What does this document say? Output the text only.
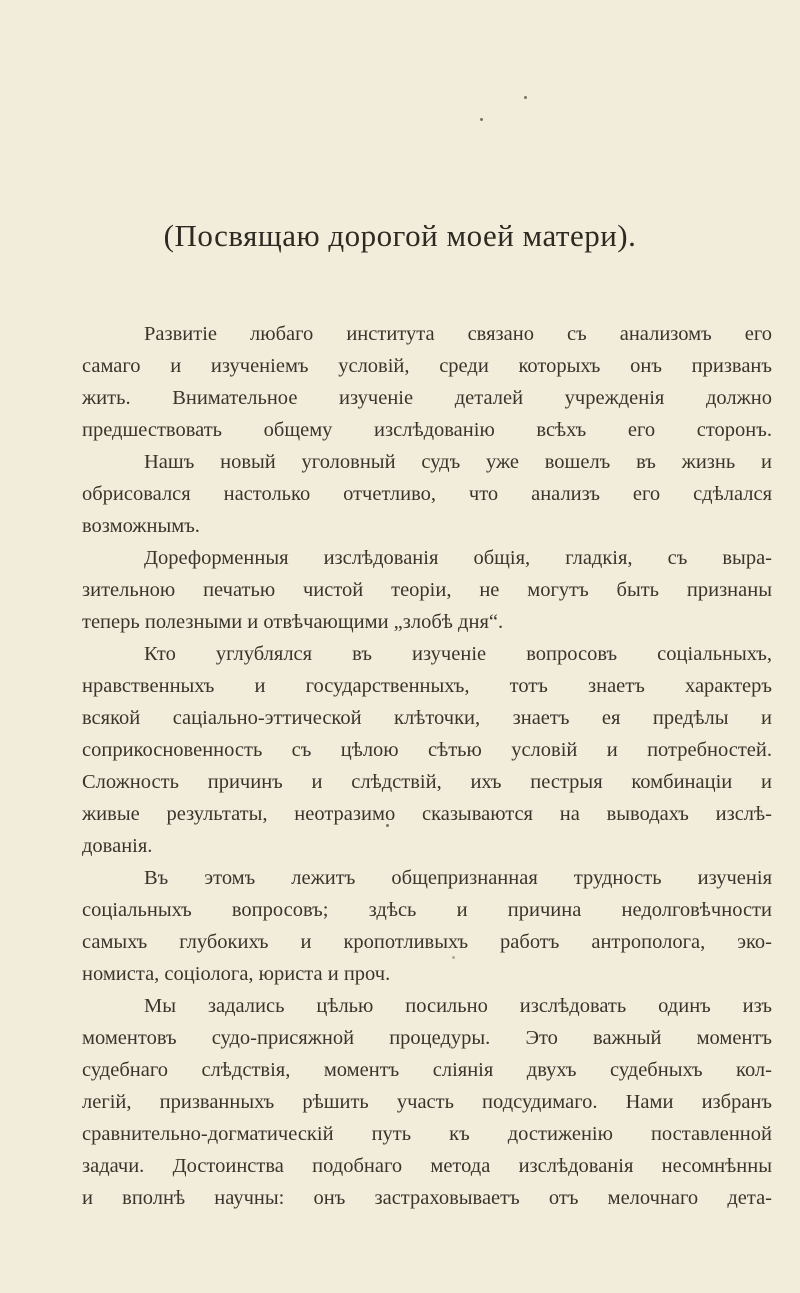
(Посвящаю дорогой моей матери).
Развитіе любаго института связано съ анализомъ его
самаго и изученіемъ условій, среди которыхъ онъ призванъ
жить. Внимательное изученіе деталей учрежденія должно
предшествовать общему изслѣдованію всѣхъ его сторонъ.
Нашъ новый уголовный судъ уже вошелъ въ жизнь и
обрисовался настолько отчетливо, что анализъ его сдѣлался
возможнымъ.
Дореформенныя изслѣдованія общія, гладкія, съ выра-
зительною печатью чистой теоріи, не могутъ быть признаны
теперь полезными и отвѣчающими „злобѣ дня“.
Кто углублялся въ изученіе вопросовъ соціальныхъ,
нравственныхъ и государственныхъ, тотъ знаетъ характеръ
всякой саціально-эттической клѣточки, знаетъ ея предѣлы и
соприкосновенность съ цѣлою сѣтью условій и потребностей.
Сложность причинъ и слѣдствій, ихъ пестрыя комбинаціи и
живые результаты, неотразимо сказываются на выводахъ изслѣ-
дованія.
Въ этомъ лежитъ общепризнанная трудность изученія
соціальныхъ вопросовъ; здѣсь и причина недолговѣчности
самыхъ глубокихъ и кропотливыхъ работъ антрополога, эко-
номиста, соціолога, юриста и проч.
Мы задались цѣлью посильно изслѣдовать одинъ изъ
моментовъ судо-присяжной процедуры. Это важный моментъ
судебнаго слѣдствія, моментъ сліянія двухъ судебныхъ кол-
легій, призванныхъ рѣшить участь подсудимаго. Нами избранъ
сравнительно-догматическій путь къ достиженію поставленной
задачи. Достоинства подобнаго метода изслѣдованія несомнѣнны
и вполнѣ научны: онъ застраховываетъ отъ мелочнаго дета-
